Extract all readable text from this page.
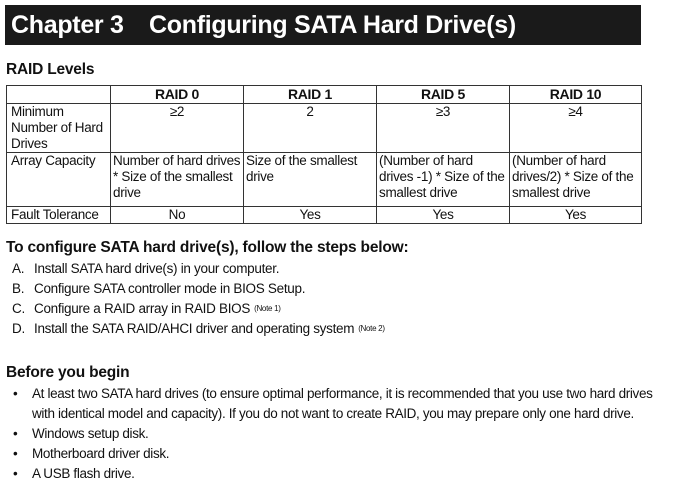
Chapter 3	Configuring SATA Hard Drive(s)
RAID Levels
	RAID 0	RAID 1	RAID 5	RAID 10
Minimum Number of Hard Drives	≥2	2	≥3	≥4
Array Capacity	Number of hard drives * Size of the smallest drive	Size of the smallest drive	(Number of hard drives -1) * Size of the smallest drive	(Number of hard drives/2) * Size of the smallest drive
Fault Tolerance	No	Yes	Yes	Yes
To configure SATA hard drive(s), follow the steps below:
A. Install SATA hard drive(s) in your computer.
B. Configure SATA controller mode in BIOS Setup.
C. Configure a RAID array in RAID BIOS (Note 1)
D. Install the SATA RAID/AHCI driver and operating system (Note 2)
Before you begin
•	At least two SATA hard drives (to ensure optimal performance, it is recommended that you use two hard drives with identical model and capacity). If you do not want to create RAID, you may prepare only one hard drive.
•	Windows setup disk.
•	Motherboard driver disk.
•	A USB flash drive.
